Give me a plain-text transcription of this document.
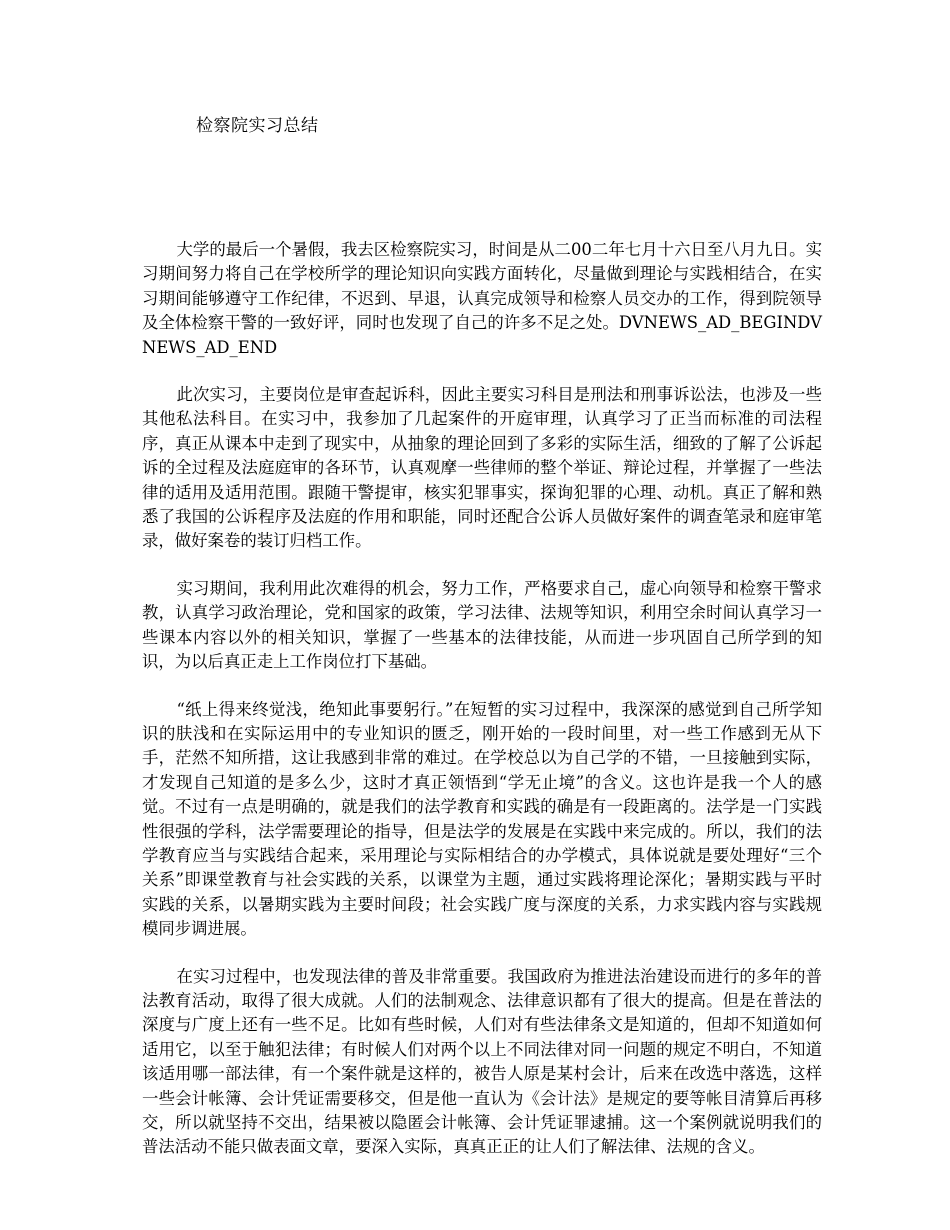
检察院实习总结

大学的最后一个暑假，我去区检察院实习，时间是从二00二年七月十六日至八月九日。实习期间努力将自己在学校所学的理论知识向实践方面转化，尽量做到理论与实践相结合，在实习期间能够遵守工作纪律，不迟到、早退，认真完成领导和检察人员交办的工作，得到院领导及全体检察干警的一致好评，同时也发现了自己的许多不足之处。DVNEWS_AD_BEGINDVNEWS_AD_END

此次实习，主要岗位是审查起诉科，因此主要实习科目是刑法和刑事诉讼法，也涉及一些其他私法科目。在实习中，我参加了几起案件的开庭审理，认真学习了正当而标准的司法程序，真正从课本中走到了现实中，从抽象的理论回到了多彩的实际生活，细致的了解了公诉起诉的全过程及法庭庭审的各环节，认真观摩一些律师的整个举证、辩论过程，并掌握了一些法律的适用及适用范围。跟随干警提审，核实犯罪事实，探询犯罪的心理、动机。真正了解和熟悉了我国的公诉程序及法庭的作用和职能，同时还配合公诉人员做好案件的调查笔录和庭审笔录，做好案卷的装订归档工作。

实习期间，我利用此次难得的机会，努力工作，严格要求自己，虚心向领导和检察干警求教，认真学习政治理论，党和国家的政策，学习法律、法规等知识，利用空余时间认真学习一些课本内容以外的相关知识，掌握了一些基本的法律技能，从而进一步巩固自己所学到的知识，为以后真正走上工作岗位打下基础。

“纸上得来终觉浅，绝知此事要躬行。”在短暂的实习过程中，我深深的感觉到自己所学知识的肤浅和在实际运用中的专业知识的匮乏，刚开始的一段时间里，对一些工作感到无从下手，茫然不知所措，这让我感到非常的难过。在学校总以为自己学的不错，一旦接触到实际，才发现自己知道的是多么少，这时才真正领悟到“学无止境”的含义。这也许是我一个人的感觉。不过有一点是明确的，就是我们的法学教育和实践的确是有一段距离的。法学是一门实践性很强的学科，法学需要理论的指导，但是法学的发展是在实践中来完成的。所以，我们的法学教育应当与实践结合起来，采用理论与实际相结合的办学模式，具体说就是要处理好“三个关系”即课堂教育与社会实践的关系，以课堂为主题，通过实践将理论深化；暑期实践与平时实践的关系，以暑期实践为主要时间段；社会实践广度与深度的关系，力求实践内容与实践规模同步调进展。

在实习过程中，也发现法律的普及非常重要。我国政府为推进法治建设而进行的多年的普法教育活动，取得了很大成就。人们的法制观念、法律意识都有了很大的提高。但是在普法的深度与广度上还有一些不足。比如有些时候，人们对有些法律条文是知道的，但却不知道如何适用它，以至于触犯法律；有时候人们对两个以上不同法律对同一问题的规定不明白，不知道该适用哪一部法律，有一个案件就是这样的，被告人原是某村会计，后来在改选中落选，这样一些会计帐簿、会计凭证需要移交，但是他一直认为《会计法》是规定的要等帐目清算后再移交，所以就坚持不交出，结果被以隐匿会计帐簿、会计凭证罪逮捕。这一个案例就说明我们的普法活动不能只做表面文章，要深入实际，真真正正的让人们了解法律、法规的含义。
